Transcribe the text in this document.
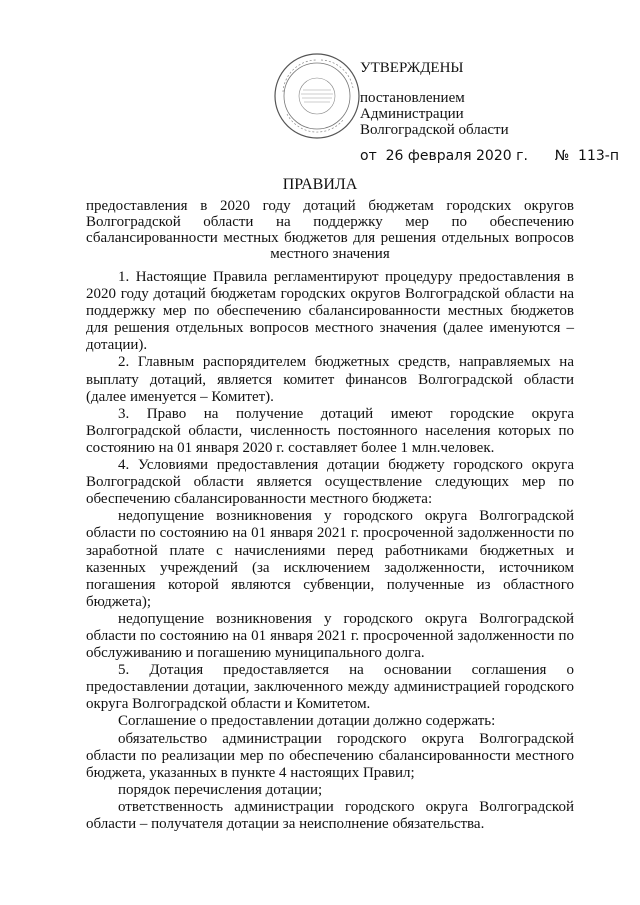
УТВЕРЖДЕНЫ
постановлением
Администрации
Волгоградской области
от  26 февраля 2020 г.      №  113-п
ПРАВИЛА
предоставления в 2020 году дотаций бюджетам городских округов Волгоградской области на поддержку мер по обеспечению сбалансированности местных бюджетов для решения отдельных вопросов местного значения

1. Настоящие Правила регламентируют процедуру предоставления в 2020 году дотаций бюджетам городских округов Волгоградской области на поддержку мер по обеспечению сбалансированности местных бюджетов для решения отдельных вопросов местного значения (далее именуются – дотации).

2. Главным распорядителем бюджетных средств, направляемых на выплату дотаций, является комитет финансов Волгоградской области (далее именуется – Комитет).

3. Право на получение дотаций имеют городские округа Волгоградской области, численность постоянного населения которых по состоянию на 01 января 2020 г. составляет более 1 млн.человек.

4. Условиями предоставления дотации бюджету городского округа Волгоградской области является осуществление следующих мер по обеспечению сбалансированности местного бюджета:

недопущение возникновения у городского округа Волгоградской области по состоянию на 01 января 2021 г. просроченной задолженности по заработной плате с начислениями перед работниками бюджетных и казенных учреждений (за исключением задолженности, источником погашения которой являются субвенции, полученные из областного бюджета);

недопущение возникновения у городского округа Волгоградской области по состоянию на 01 января 2021 г. просроченной задолженности по обслуживанию и погашению муниципального долга.

5. Дотация предоставляется на основании соглашения о предоставлении дотации, заключенного между администрацией городского округа Волгоградской области и Комитетом.

Соглашение о предоставлении дотации должно содержать:

обязательство администрации городского округа Волгоградской области по реализации мер по обеспечению сбалансированности местного бюджета, указанных в пункте 4 настоящих Правил;

порядок перечисления дотации;

ответственность администрации городского округа Волгоградской области – получателя дотации за неисполнение обязательства.
